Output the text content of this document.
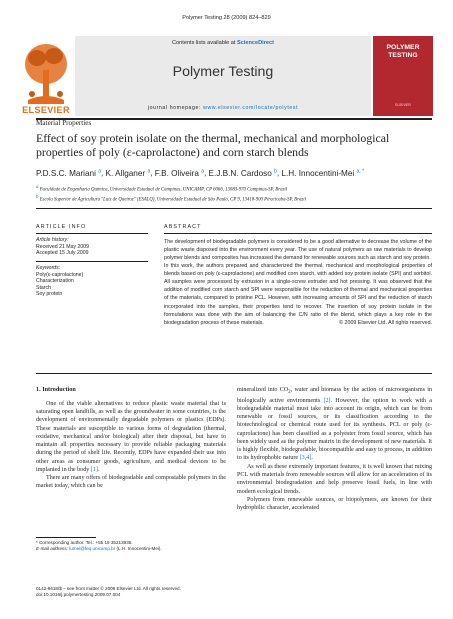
Polymer Testing 28 (2009) 824–829
ELSEVIER
Contents lists available at ScienceDirect
Polymer Testing
journal homepage: www.elsevier.com/locate/polytest
POLYMER TESTING
ELSEVIER
Material Properties
Effect of soy protein isolate on the thermal, mechanical and morphological properties of poly (ε-caprolactone) and corn starch blends
P.D.S.C. Mariani $^a$, K. Allganer $^a$, F.B. Oliveira $^a$, E.J.B.N. Cardoso $^b$, L.H. Innocentini-Mei $^{a, *}$
$^a$ Faculdade de Engenharia Química, Universidade Estadual de Campinas, UNICAMP, CP 6066, 13083-970 Campinas-SP, Brazil
$^b$ Escola Superior de Agricultura "Luiz de Queiroz" (ESALQ), Universidade Estadual de São Paulo, CP 9, 13418-900 Piracicaba-SP, Brazil
ARTICLE INFO
Article history:
Received 21 May 2009
Accepted 15 July 2009
Keywords:
Poly(ε-caprolactone)
Characterization
Starch
Soy protein
ABSTRACT

The development of biodegradable polymers is considered to be a good alternative to decrease the volume of the plastic waste disposed into the environment every year. The use of natural polymers as raw materials to develop polymer blends and composites has increased the demand for renewable sources such as starch and soy protein.

In this work, the authors prepared and characterized the thermal, mechanical and morphological properties of blends based on poly (ε-caprolactone) and modified corn starch, with added soy protein isolate (SPI) and sorbitol. All samples were processed by extrusion in a single-screw extruder and hot pressing. It was observed that the addition of modified corn starch and SPI were responsible for the reduction of thermal and mechanical properties of the materials, compared to pristine PCL. However, with increasing amounts of SPI and the reduction of starch incorporated into the samples, their properties tend to recover. The insertion of soy protein isolate in the formulations was done with the aim of balancing the C/N ratio of the blend, which plays a key role in the biodegradation process of these materials.	© 2009 Elsevier Ltd. All rights reserved.
1. Introduction

One of the viable alternatives to reduce plastic waste material that is saturating open landfills, as well as the groundwater in some countries, is the development of environmentally degradable polymers or plastics (EDPs). These materials are susceptible to various forms of degradation (thermal, oxidative, mechanical and/or biological) after their disposal, but have to maintain all properties necessary to provide reliable packaging materials during the period of shelf life. Recently, EDPs have expanded their use into other areas as consumer goods, agriculture, and medical devices to be implanted in the body [1].

There are many offers of biodegradable and compostable polymers in the market today, which can be

mineralized into $CO_2$, water and biomass by the action of microorganisms in biologically active environments [2]. However, the option to work with a biodegradable material must take into account its origin, which can be from renewable or fossil sources, or its classification according to the biotechnological or chemical route used for its synthesis. PCL or poly (ε-caprolactone) has been classified as a polyester from fossil source, which has been widely used as the polymer matrix in the development of new materials. It is highly flexible, biodegradable, biocompatible and easy to process, in addition to its hydrophobic nature [3,4].

As well as these extremely important features, it is well known that mixing PCL with materials from renewable sources will allow for an acceleration of its environmental biodegradation and help preserve fossil fuels, in line with modern ecological trends.

Polymers from renewable sources, or biopolymers, are known for their hydrophilic character, accelerated

* Corresponding author. Tel.: +55 19 35213935.
E-mail address: lumei@feq.unicamp.br (L.H. Innocentini-Mei).
0142-9418/$ – see front matter © 2009 Elsevier Ltd. All rights reserved.
doi:10.1016/j.polymertesting.2009.07.004
